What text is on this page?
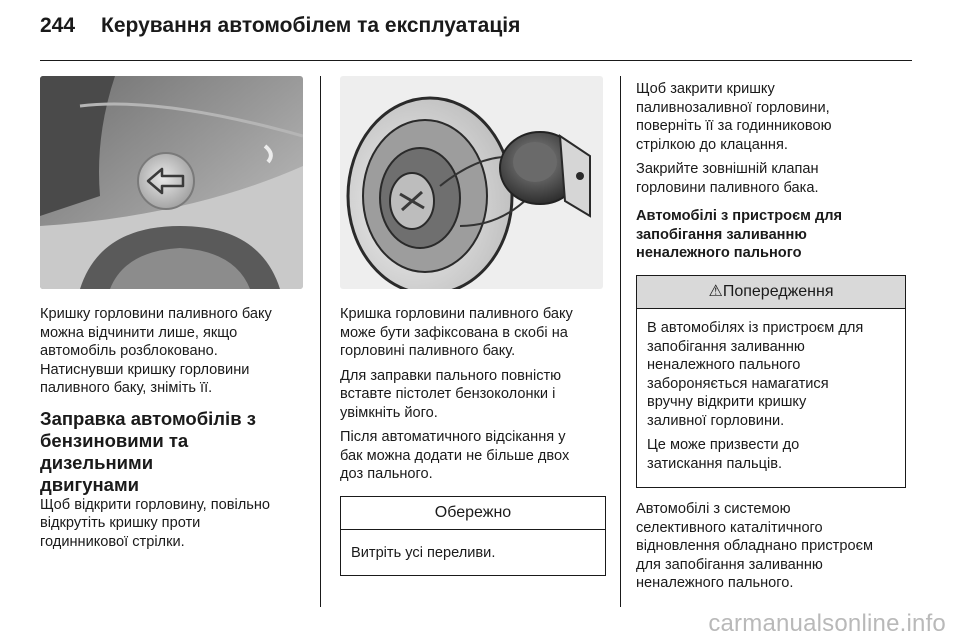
244 Керування автомобілем та експлуатація

Кришку горловини паливного баку
можна відчинити лише, якщо
автомобіль розблоковано.
Натиснувши кришку горловини
паливного баку, зніміть її.

Заправка автомобілів з
бензиновими та дизельними
двигунами

Щоб відкрити горловину, повільно
відкрутіть кришку проти
годинникової стрілки.

Кришка горловини паливного баку
може бути зафіксована в скобі на
горловині паливного баку.

Для заправки пального повністю
вставте пістолет бензоколонки і
увімкніть його.

Після автоматичного відсікання у
бак можна додати не більше двох
доз пального.

Обережно
Витріть усі переливи.

Щоб закрити кришку
паливнозаливної горловини,
поверніть її за годинниковою
стрілкою до клацання.

Закрийте зовнішній клапан
горловини паливного бака.

Автомобілі з пристроєм для
запобігання заливанню
неналежного пального
⚠Попередження

В автомобілях із пристроєм для
запобігання заливанню
неналежного пального
забороняється намагатися
вручну відкрити кришку
заливної горловини.

Це може призвести до
затискання пальців.

Автомобілі з системою
селективного каталітичного
відновлення обладнано пристроєм
для запобігання заливанню
неналежного пального.

carmanualsonline.info
